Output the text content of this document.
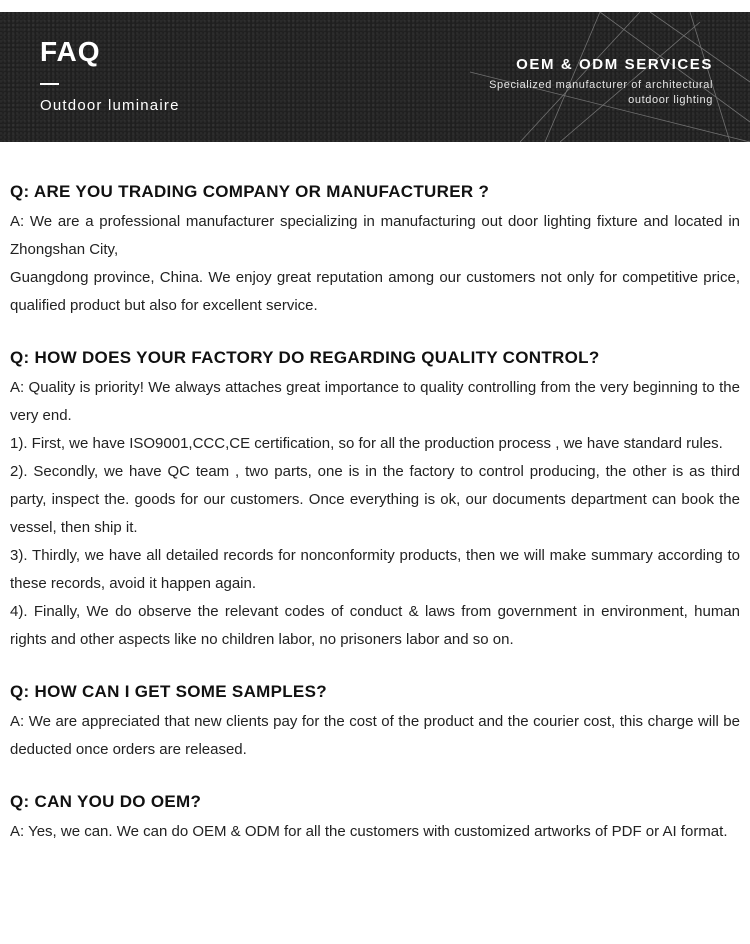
FAQ
Outdoor luminaire
OEM & ODM SERVICES
Specialized manufacturer of architectural
outdoor lighting
Q: ARE YOU TRADING COMPANY OR MANUFACTURER ?

A: We are a professional manufacturer specializing in manufacturing out door lighting fixture and located in Zhongshan City,

Guangdong province, China. We enjoy great reputation among our customers not only for competitive price, qualified product but also for excellent service.

Q: HOW DOES YOUR FACTORY DO REGARDING QUALITY CONTROL?

A: Quality is priority! We always attaches great importance to quality controlling from the very beginning to the very end.

1). First, we have ISO9001,CCC,CE certification, so for all the production process , we have standard rules.

2). Secondly, we have QC team , two parts, one is in the factory to control producing, the other is as third party, inspect the. goods for our customers. Once everything is ok, our documents department can book the vessel, then ship it.

3). Thirdly, we have all detailed records for nonconformity products, then we will make summary according to these records, avoid it happen again.

4). Finally, We do observe the relevant codes of conduct & laws from government in environment, human rights and other aspects like no children labor, no prisoners labor and so on.

Q: HOW CAN I GET SOME SAMPLES?

A: We are appreciated that new clients pay for the cost of the product and the courier cost, this charge will be deducted once orders are released.

Q: CAN YOU DO OEM?

A: Yes, we can. We can do OEM & ODM for all the customers with customized artworks of PDF or AI format.
